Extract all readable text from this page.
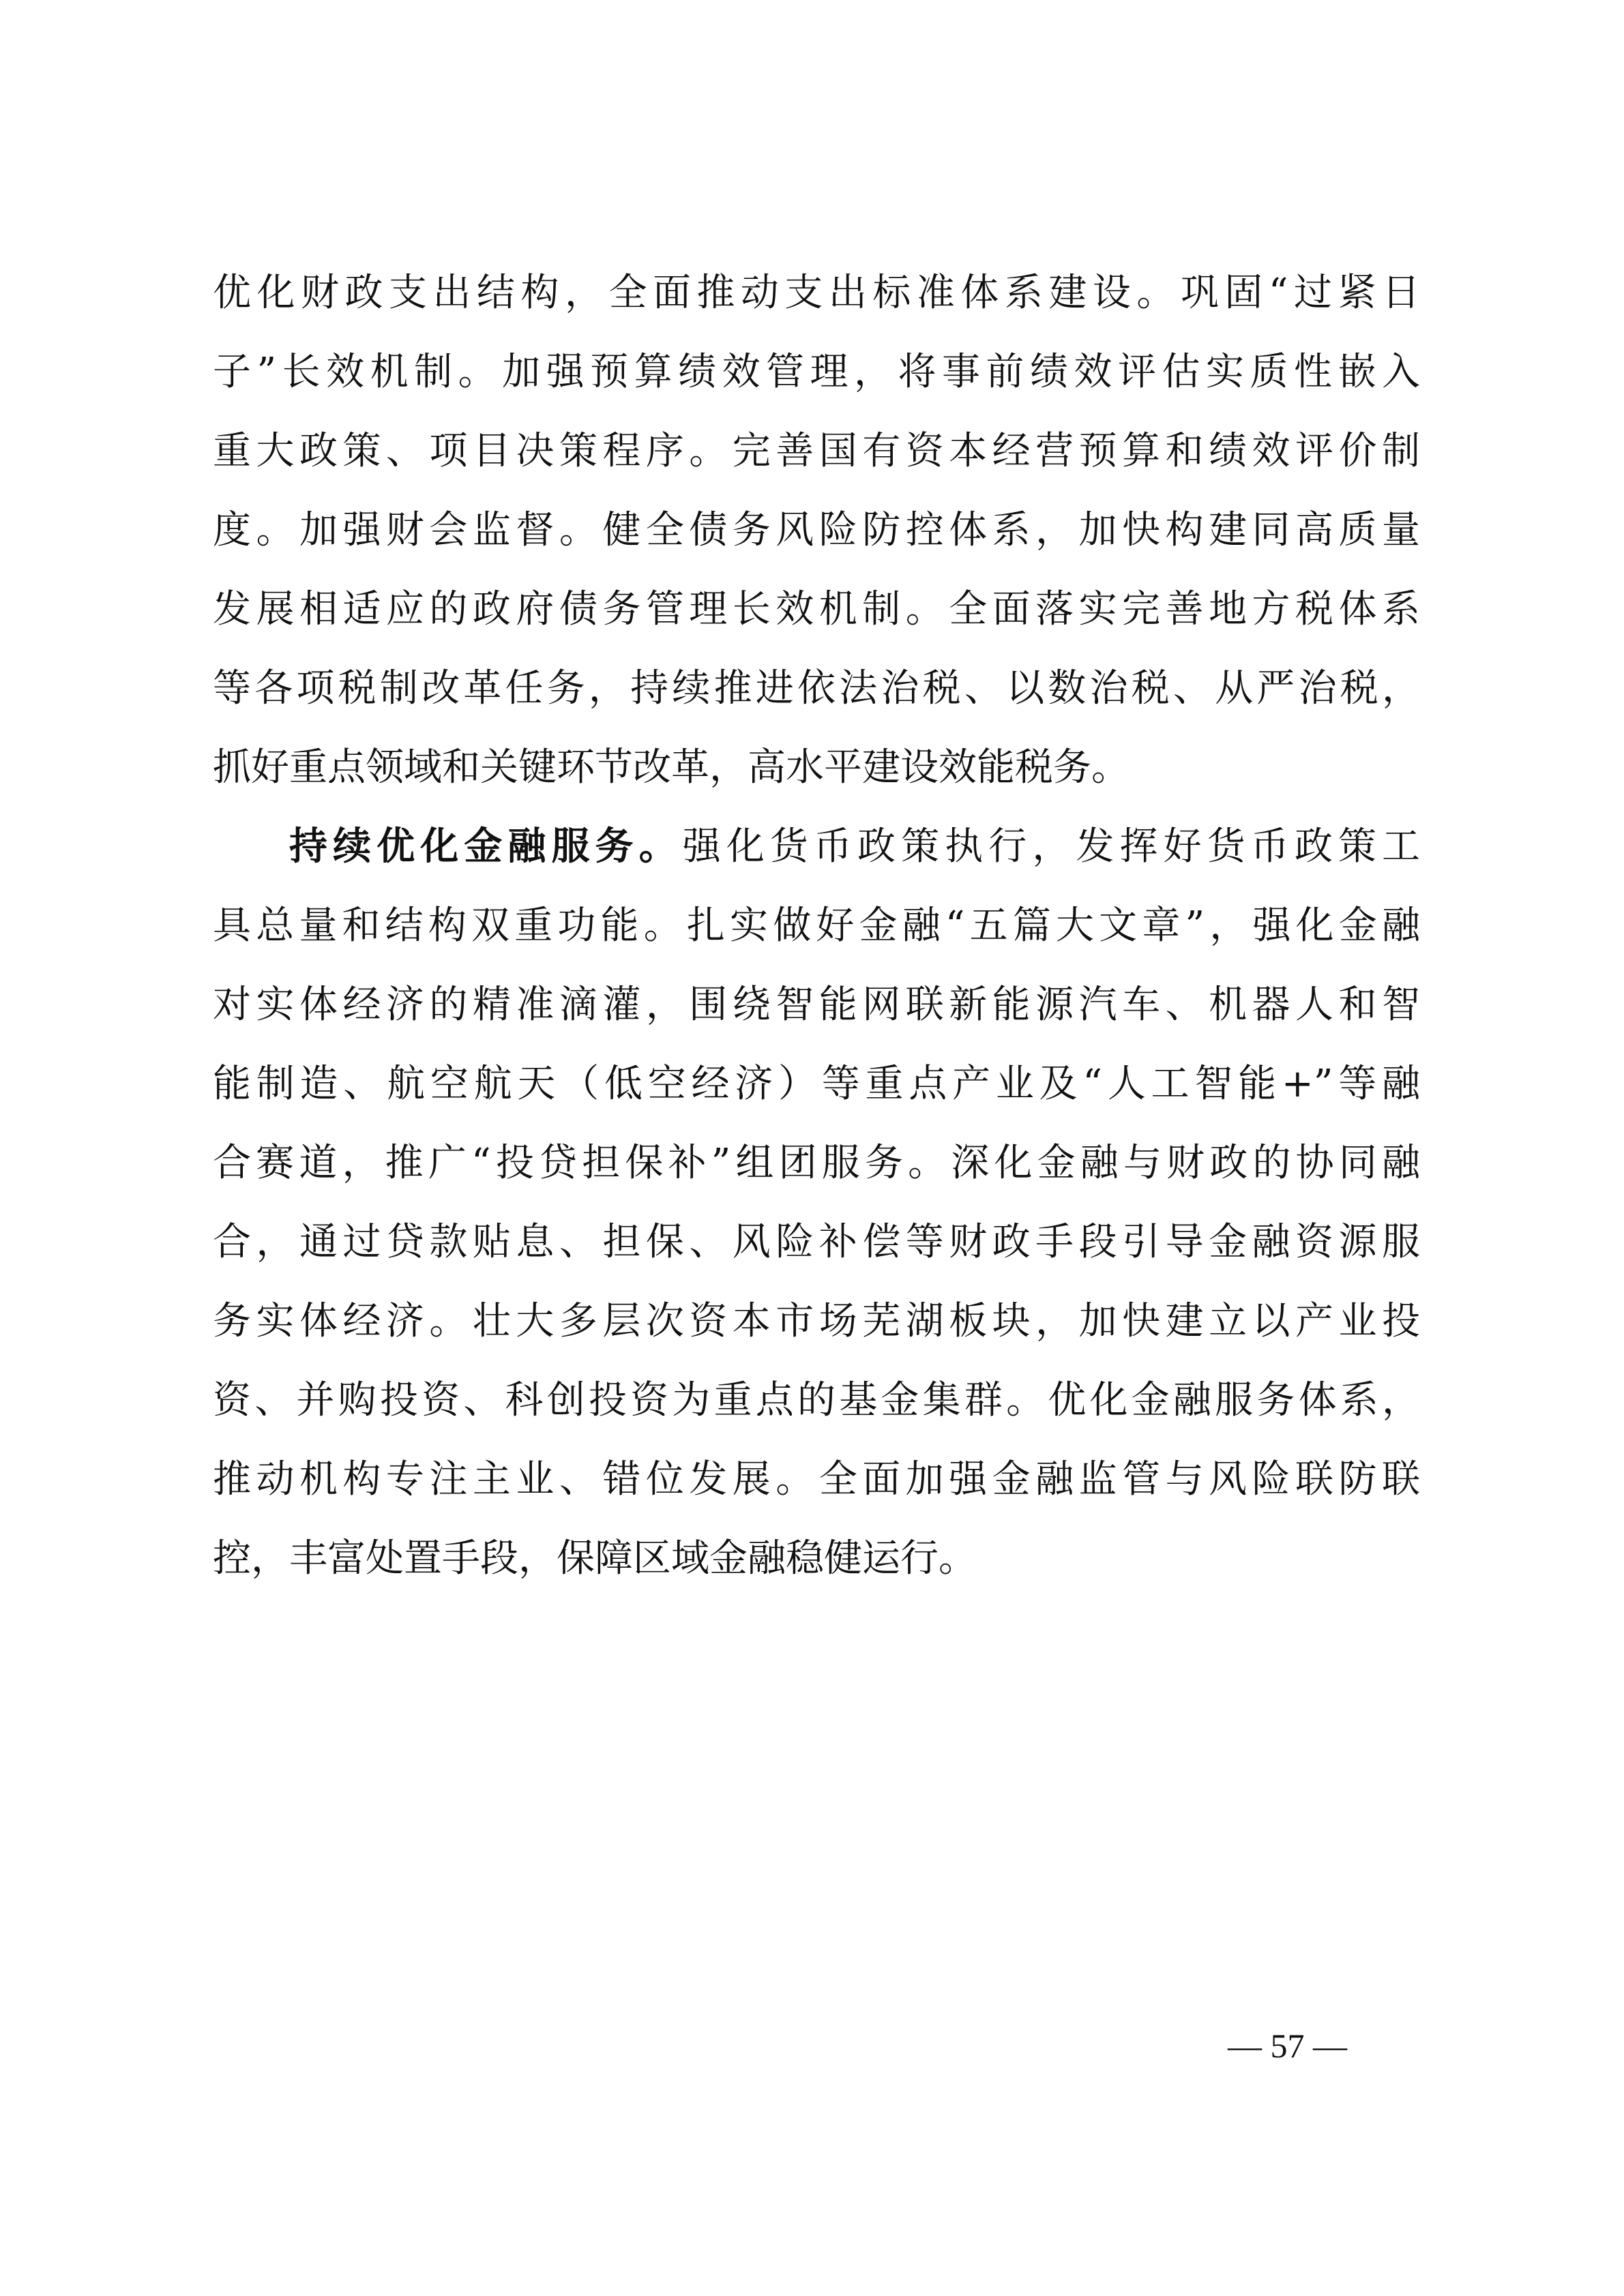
优化财政支出结构，全面推动支出标准体系建设。巩固“过紧日
子”长效机制。加强预算绩效管理，将事前绩效评估实质性嵌入
重大政策、项目决策程序。完善国有资本经营预算和绩效评价制
度。加强财会监督。健全债务风险防控体系，加快构建同高质量
发展相适应的政府债务管理长效机制。全面落实完善地方税体系
等各项税制改革任务，持续推进依法治税、以数治税、从严治税，
抓好重点领域和关键环节改革，高水平建设效能税务。
持续优化金融服务。强化货币政策执行，发挥好货币政策工
具总量和结构双重功能。扎实做好金融“五篇大文章”，强化金融
对实体经济的精准滴灌，围绕智能网联新能源汽车、机器人和智
能制造、航空航天（低空经济）等重点产业及“人工智能+”等融
合赛道，推广“投贷担保补”组团服务。深化金融与财政的协同融
合，通过贷款贴息、担保、风险补偿等财政手段引导金融资源服
务实体经济。壮大多层次资本市场芜湖板块，加快建立以产业投
资、并购投资、科创投资为重点的基金集群。优化金融服务体系，
推动机构专注主业、错位发展。全面加强金融监管与风险联防联
控，丰富处置手段，保障区域金融稳健运行。
— 57 —
